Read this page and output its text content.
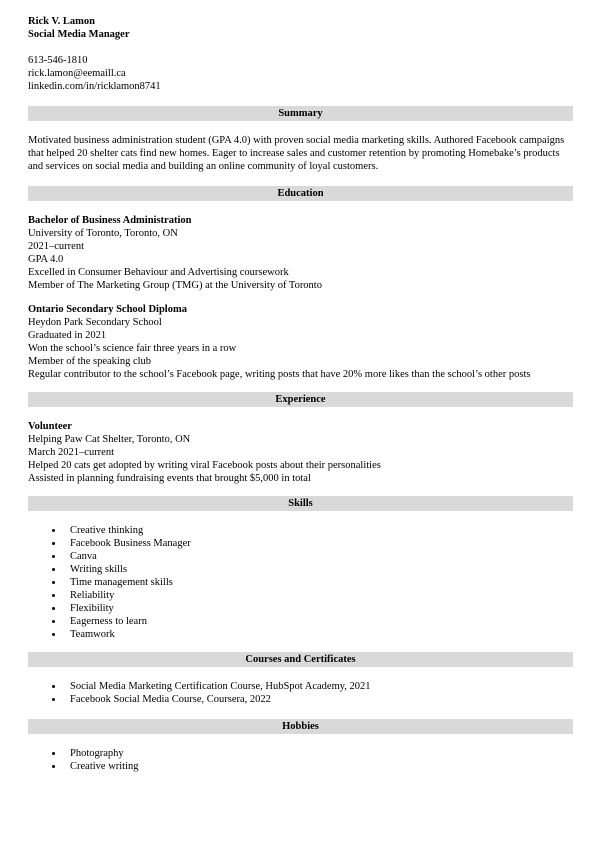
Rick V. Lamon
Social Media Manager
613-546-1810
rick.lamon@eemaill.ca
linkedin.com/in/ricklamon8741
Summary
Motivated business administration student (GPA 4.0) with proven social media marketing skills. Authored Facebook campaigns that helped 20 shelter cats find new homes. Eager to increase sales and customer retention by promoting Homebake’s products and services on social media and building an online community of loyal customers.
Education
Bachelor of Business Administration
University of Toronto, Toronto, ON
2021–current
GPA 4.0
Excelled in Consumer Behaviour and Advertising coursework
Member of The Marketing Group (TMG) at the University of Toronto
Ontario Secondary School Diploma
Heydon Park Secondary School
Graduated in 2021
Won the school’s science fair three years in a row
Member of the speaking club
Regular contributor to the school’s Facebook page, writing posts that have 20% more likes than the school’s other posts
Experience
Volunteer
Helping Paw Cat Shelter, Toronto, ON
March 2021–current
Helped 20 cats get adopted by writing viral Facebook posts about their personalities
Assisted in planning fundraising events that brought $5,000 in total
Skills
• Creative thinking
• Facebook Business Manager
• Canva
• Writing skills
• Time management skills
• Reliability
• Flexibility
• Eagerness to learn
• Teamwork
Courses and Certificates
• Social Media Marketing Certification Course, HubSpot Academy, 2021
• Facebook Social Media Course, Coursera, 2022
Hobbies
• Photography
• Creative writing
